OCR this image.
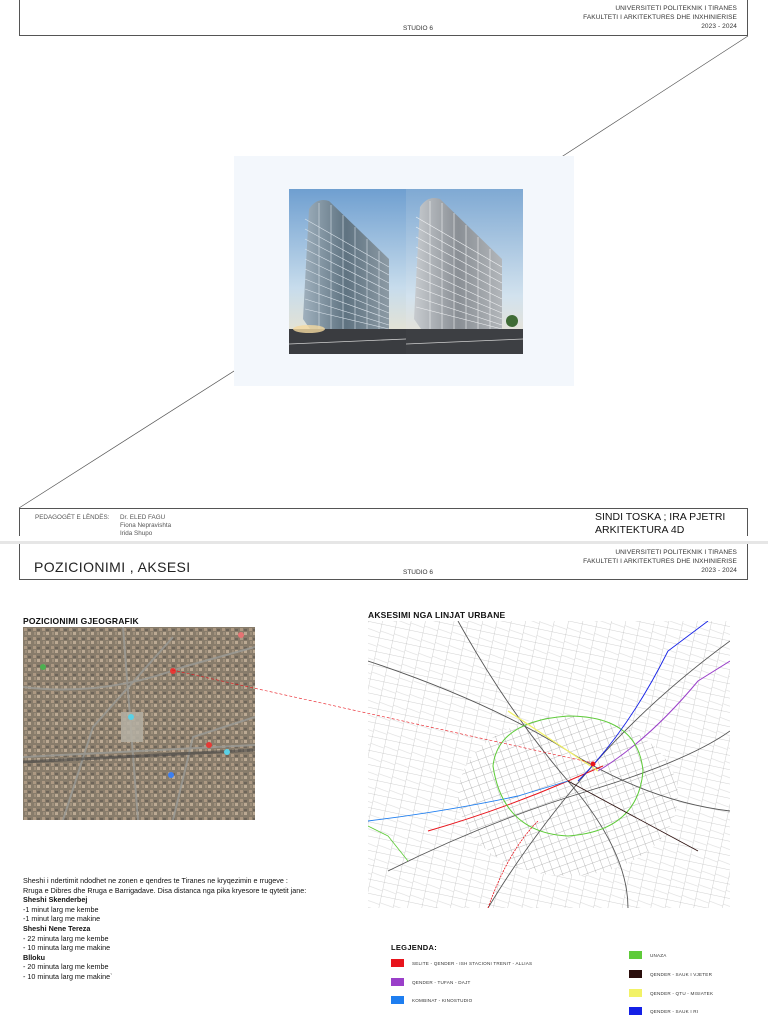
STUDIO 6
UNIVERSITETI POLITEKNIK I TIRANES
FAKULTETI I ARKITEKTURES DHE INXHINIERISE
2023 - 2024
PEDAGOGËT E LËNDËS: Dr. ELED FAGU
Fiona Nepravishta
Irida Shupo
SINDI TOSKA ; IRA PJETRI
ARKITEKTURA 4D
POZICIONIMI , AKSESI	STUDIO 6
UNIVERSITETI POLITEKNIK I TIRANES
FAKULTETI I ARKITEKTURES DHE INXHINIERISE
2023 - 2024
POZICIONIMI GJEOGRAFIK
AKSESIMI NGA LINJAT URBANE
Sheshi i ndertimit ndodhet ne zonen e qendres te Tiranes ne kryqezimin e rrugeve :
Rruga e Dibres dhe Rruga e Barrigadave. Disa distanca nga pika kryesore te qytetit jane:
Sheshi Skenderbej
-1 minut larg me kembe
-1 minut larg me makine
Sheshi Nene Tereza
- 22 minuta larg me kembe
- 10 minuta larg me makine
Blloku
- 20 minuta larg me kembe
- 10 minuta larg me makine`
LEGJENDA:
SELITE - QENDER - ISH STACIONI TRENIT - ALLIAS
QENDER - TUFAN - DAJT
KOMBINAT - KINOSTUDIO
UNAZA
QENDER - SAUK I VJETER
QENDER - QTU - MISIATEK
QENDER - SAUK I RI
